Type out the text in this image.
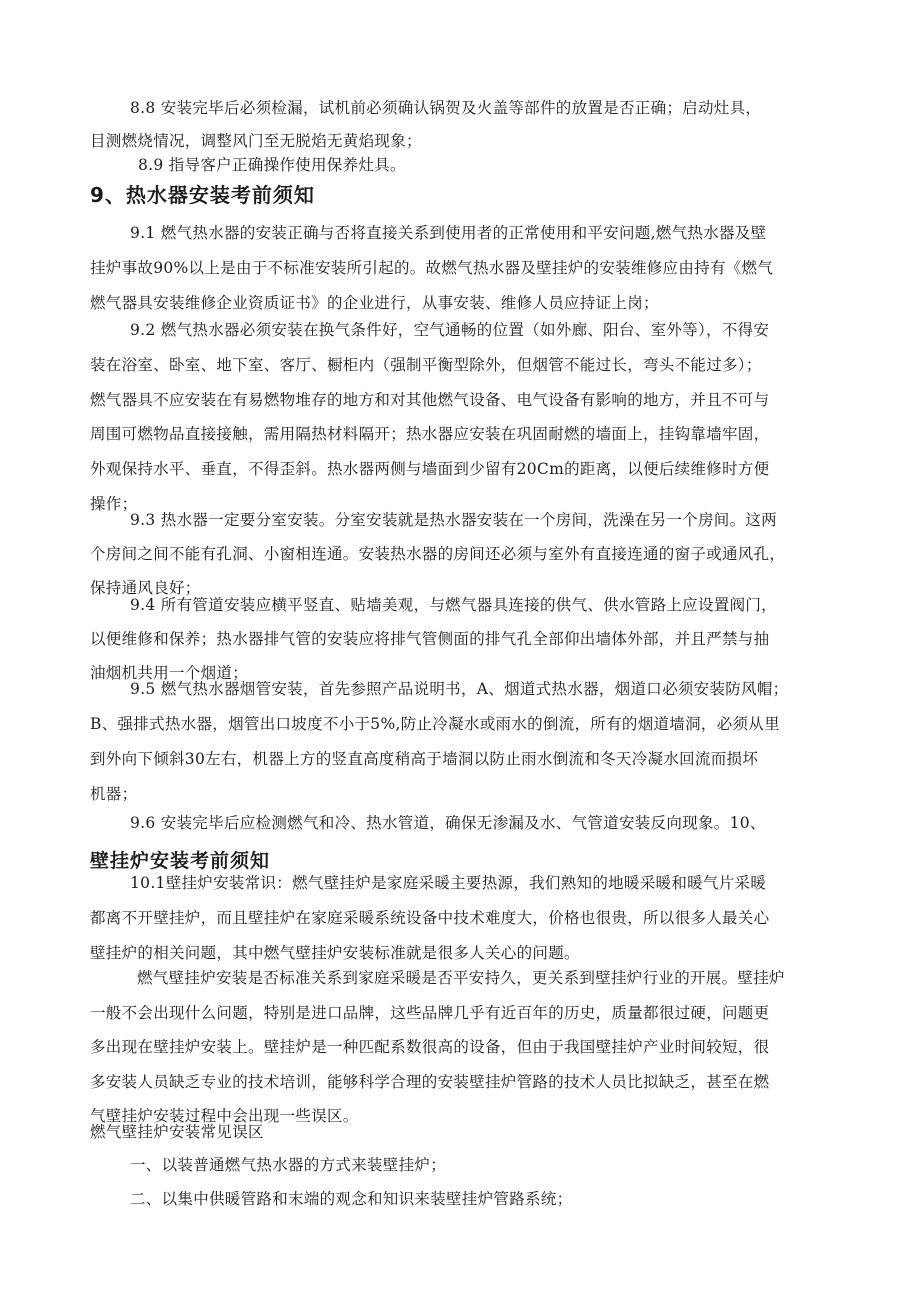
8.8 安装完毕后必须检漏，试机前必须确认锅贺及火盖等部件的放置是否正确；启动灶具，
目测燃烧情况，调整风门至无脱焰无黄焰现象；
8.9 指导客户正确操作使用保养灶具。
9、热水器安装考前须知
9.1 燃气热水器的安装正确与否将直接关系到使用者的正常使用和平安问题,燃气热水器及壁
挂炉事故90%以上是由于不标准安装所引起的。故燃气热水器及壁挂炉的安装维修应由持有《燃气
燃气器具安装维修企业资质证书》的企业进行，从事安装、维修人员应持证上岗；
9.2 燃气热水器必须安装在换气条件好，空气通畅的位置（如外廊、阳台、室外等），不得安
装在浴室、卧室、地下室、客厅、橱柜内（强制平衡型除外，但烟管不能过长，弯头不能过多）；
燃气器具不应安装在有易燃物堆存的地方和对其他燃气设备、电气设备有影响的地方，并且不可与
周围可燃物品直接接触，需用隔热材料隔开；热水器应安装在巩固耐燃的墙面上，挂钩靠墙牢固，
外观保持水平、垂直，不得歪斜。热水器两侧与墙面到少留有20Cm的距离，以便后续维修时方便
操作；
9.3 热水器一定要分室安装。分室安装就是热水器安装在一个房间，洗澡在另一个房间。这两
个房间之间不能有孔洞、小窗相连通。安装热水器的房间还必须与室外有直接连通的窗子或通风孔，
保持通风良好；
9.4 所有管道安装应横平竖直、贴墙美观，与燃气器具连接的供气、供水管路上应设置阀门，
以便维修和保养；热水器排气管的安装应将排气管侧面的排气孔全部仰出墙体外部，并且严禁与抽
油烟机共用一个烟道；
9.5 燃气热水器烟管安装，首先参照产品说明书，A、烟道式热水器，烟道口必须安装防风帽；
B、强排式热水器，烟管出口坡度不小于5%,防止冷凝水或雨水的倒流，所有的烟道墙洞，必须从里
到外向下倾斜30左右，机器上方的竖直高度稍高于墙洞以防止雨水倒流和冬天冷凝水回流而损坏
机器；
9.6 安装完毕后应检测燃气和冷、热水管道，确保无渗漏及水、气管道安装反向现象。10、
壁挂炉安装考前须知
10.1壁挂炉安装常识：燃气壁挂炉是家庭采暖主要热源，我们熟知的地暖采暖和暖气片采暖
都离不开壁挂炉，而且壁挂炉在家庭采暖系统设备中技术难度大，价格也很贵，所以很多人最关心
壁挂炉的相关问题，其中燃气壁挂炉安装标准就是很多人关心的问题。
燃气壁挂炉安装是否标准关系到家庭采暖是否平安持久，更关系到壁挂炉行业的开展。壁挂炉
一般不会出现什么问题，特别是进口品牌，这些品牌几乎有近百年的历史，质量都很过硬，问题更
多出现在壁挂炉安装上。壁挂炉是一种匹配系数很高的设备，但由于我国壁挂炉产业时间较短，很
多安装人员缺乏专业的技术培训，能够科学合理的安装壁挂炉管路的技术人员比拟缺乏，甚至在燃
气壁挂炉安装过程中会出现一些误区。
燃气壁挂炉安装常见误区
一、以装普通燃气热水器的方式来装壁挂炉；
二、以集中供暖管路和末端的观念和知识来装壁挂炉管路系统；
